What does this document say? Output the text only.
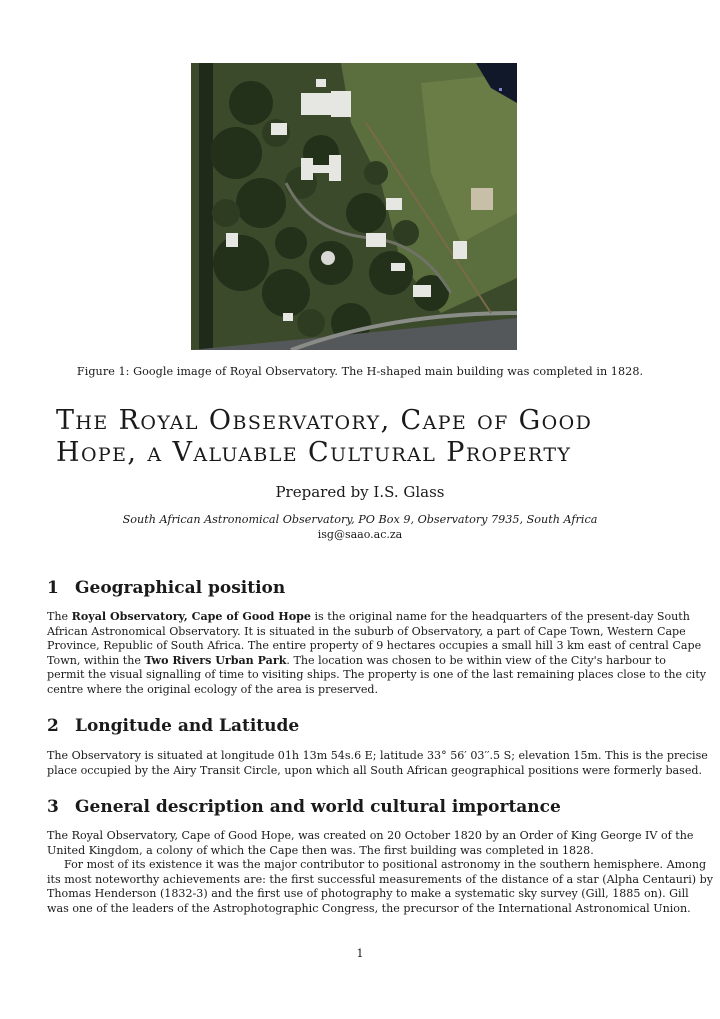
Figure 1: Google image of Royal Observatory. The H-shaped main building was completed in 1828.
The Royal Observatory, Cape of Good
Hope, a Valuable Cultural Property
Prepared by I.S. Glass
South African Astronomical Observatory, PO Box 9, Observatory 7935, South Africa
isg@saao.ac.za
1 Geographical position

The Royal Observatory, Cape of Good Hope is the original name for the headquarters of the present-day South
African Astronomical Observatory. It is situated in the suburb of Observatory, a part of Cape Town, Western Cape
Province, Republic of South Africa. The entire property of 9 hectares occupies a small hill 3 km east of central Cape
Town, within the Two Rivers Urban Park. The location was chosen to be within view of the City's harbour to
permit the visual signalling of time to visiting ships. The property is one of the last remaining places close to the city
centre where the original ecology of the area is preserved.

2 Longitude and Latitude

The Observatory is situated at longitude 01h 13m 54s.6 E; latitude 33° 56′ 03′′.5 S; elevation 15m. This is the precise
place occupied by the Airy Transit Circle, upon which all South African geographical positions were formerly based.

3 General description and world cultural importance

The Royal Observatory, Cape of Good Hope, was created on 20 October 1820 by an Order of King George IV of the
United Kingdom, a colony of which the Cape then was. The first building was completed in 1828.
For most of its existence it was the major contributor to positional astronomy in the southern hemisphere. Among
its most noteworthy achievements are: the first successful measurements of the distance of a star (Alpha Centauri) by
Thomas Henderson (1832-3) and the first use of photography to make a systematic sky survey (Gill, 1885 on). Gill
was one of the leaders of the Astrophotographic Congress, the precursor of the International Astronomical Union.

1
